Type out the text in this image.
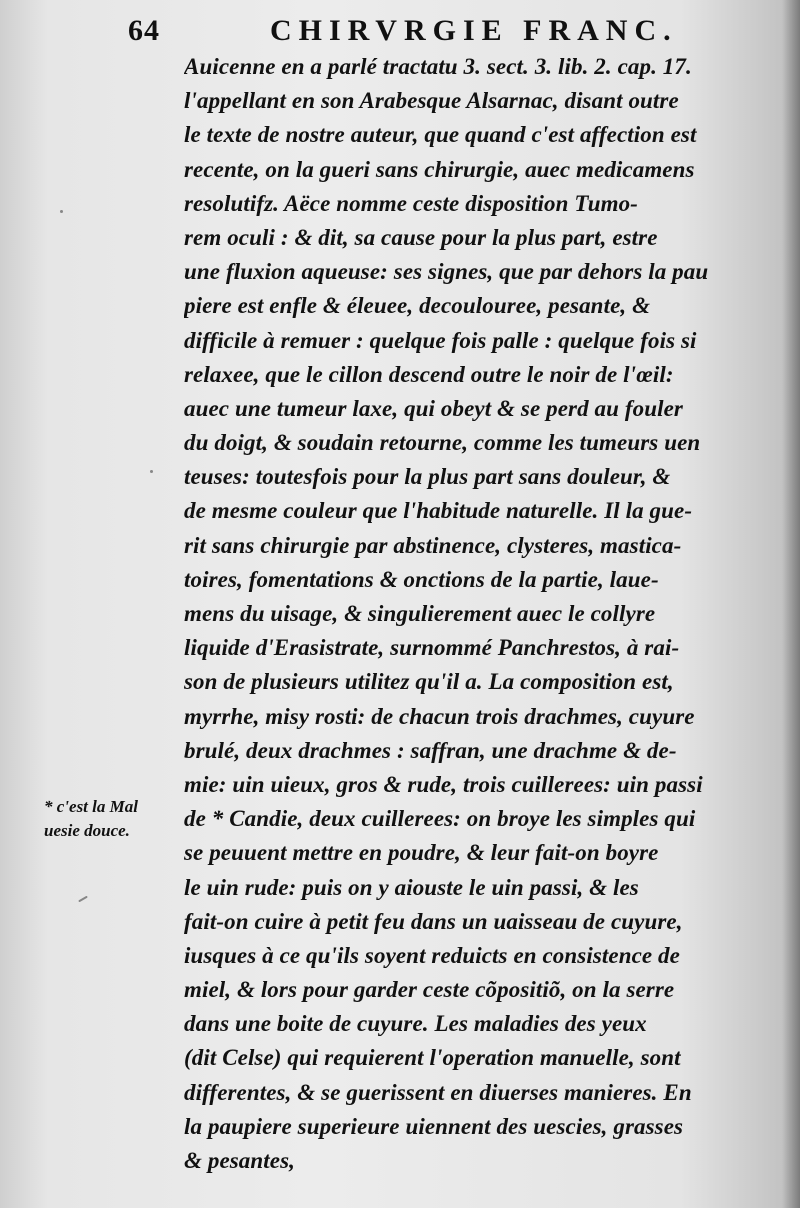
64	CHIRVRGIE FRANC.
Auicenne en a parlé tractatu 3. sect. 3. lib. 2. cap. 17.
l'appellant en son Arabesque Alsarnac, disant outre
le texte de nostre auteur, que quand c'est affection est
recente, on la gueri sans chirurgie, auec medicamens
resolutifz. Aëce nomme ceste disposition Tumo-
rem oculi : & dit, sa cause pour la plus part, estre
une fluxion aqueuse: ses signes, que par dehors la pau
piere est enfle & éleuee, decoulouree, pesante, &
difficile à remuer : quelque fois palle : quelque fois si
relaxee, que le cillon descend outre le noir de l'œil:
auec une tumeur laxe, qui obeyt & se perd au fouler
du doigt, & soudain retourne, comme les tumeurs uen
teuses: toutesfois pour la plus part sans douleur, &
de mesme couleur que l'habitude naturelle. Il la gue-
rit sans chirurgie par abstinence, clysteres, mastica-
toires, fomentations & onctions de la partie, laue-
mens du uisage, & singulierement auec le collyre
liquide d'Erasistrate, surnommé Panchrestos, à rai-
son de plusieurs utilitez qu'il a. La composition est,
myrrhe, misy rosti: de chacun trois drachmes, cuyure
brulé, deux drachmes : saffran, une drachme & de-
mie: uin uieux, gros & rude, trois cuillerees: uin passi
de * Candie, deux cuillerees: on broye les simples qui
se peuuent mettre en poudre, & leur fait-on boyre
le uin rude: puis on y aiouste le uin passi, & les
fait-on cuire à petit feu dans un uaisseau de cuyure,
iusques à ce qu'ils soyent reduicts en consistence de
miel, & lors pour garder ceste cõpositiõ, on la serre
dans une boite de cuyure. Les maladies des yeux
(dit Celse) qui requierent l'operation manuelle, sont
differentes, & se guerissent en diuerses manieres. En
la paupiere superieure uiennent des uescies, grasses
& pesantes,
* c'est la Mal
uesie douce.
